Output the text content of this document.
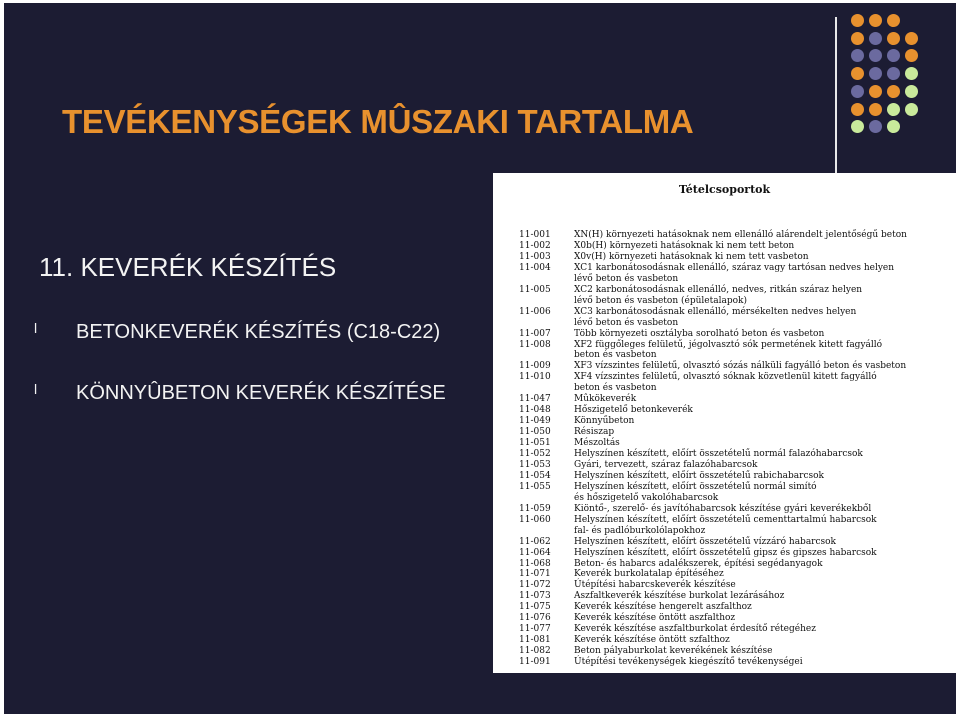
TEVÉKENYSÉGEK MÛSZAKI TARTALMA
11. KEVERÉK KÉSZÍTÉS
l BETONKEVERÉK KÉSZÍTÉS (C18-C22)
l KÖNNYÛBETON KEVERÉK KÉSZÍTÉSE
Tételcsoportok
11-001	XN(H) környezeti hatásoknak nem ellenálló alárendelt jelentőségű beton
11-002	X0b(H) környezeti hatásoknak ki nem tett beton
11-003	X0v(H) környezeti hatásoknak ki nem tett vasbeton
11-004	XC1 karbonátosodásnak ellenálló, száraz vagy tartósan nedves helyen
lévő beton és vasbeton
11-005	XC2 karbonátosodásnak ellenálló, nedves, ritkán száraz helyen
lévő beton és vasbeton (épületalapok)
11-006	XC3 karbonátosodásnak ellenálló, mérsékelten nedves helyen
lévő beton és vasbeton
11-007	Több környezeti osztályba sorolható beton és vasbeton
11-008	XF2 függőleges felületű, jégolvasztó sók permetének kitett fagyálló
beton és vasbeton
11-009	XF3 vízszintes felületű, olvasztó sózás nálküli fagyálló beton és vasbeton
11-010	XF4 vízszintes felületű, olvasztó sóknak közvetlenül kitett fagyálló
beton és vasbeton
11-047	Mûkökeverék
11-048	Hőszigetelő betonkeverék
11-049	Könnyűbeton
11-050	Résiszap
11-051	Mészoltás
11-052	Helyszínen készített, előírt összetételű normál falazóhabarcsok
11-053	Gyári, tervezett, száraz falazóhabarcsok
11-054	Helyszínen készített, előírt összetételű rabichabarcsok
11-055	Helyszínen készített, előírt összetételű normál simító
és hőszigetelő vakolóhabarcsok
11-059	Kiöntő-, szerelő- és javítóhabarcsok készítése gyári keverékekből
11-060	Helyszínen készített, előírt összetételű cementtartalmú habarcsok
fal- és padlóburkolólapokhoz
11-062	Helyszínen készített, előírt összetételű vízzáró habarcsok
11-064	Helyszínen készített, előírt összetételű gipsz és gipszes habarcsok
11-068	Beton- és habarcs adalékszerek, építési segédanyagok
11-071	Keverék burkolatalap építéséhez
11-072	Útépítési habarcskeverék készítése
11-073	Aszfaltkeverék készítése burkolat lezárásához
11-075	Keverék készítése hengerelt aszfalthoz
11-076	Keverék készítése öntött aszfalthoz
11-077	Keverék készítése aszfaltburkolat érdesítő rétegéhez
11-081	Keverék készítése öntött szfalthoz
11-082	Beton pályaburkolat keverékének készítése
11-091	Útépítési tevékenységek kiegészítő tevékenységei
